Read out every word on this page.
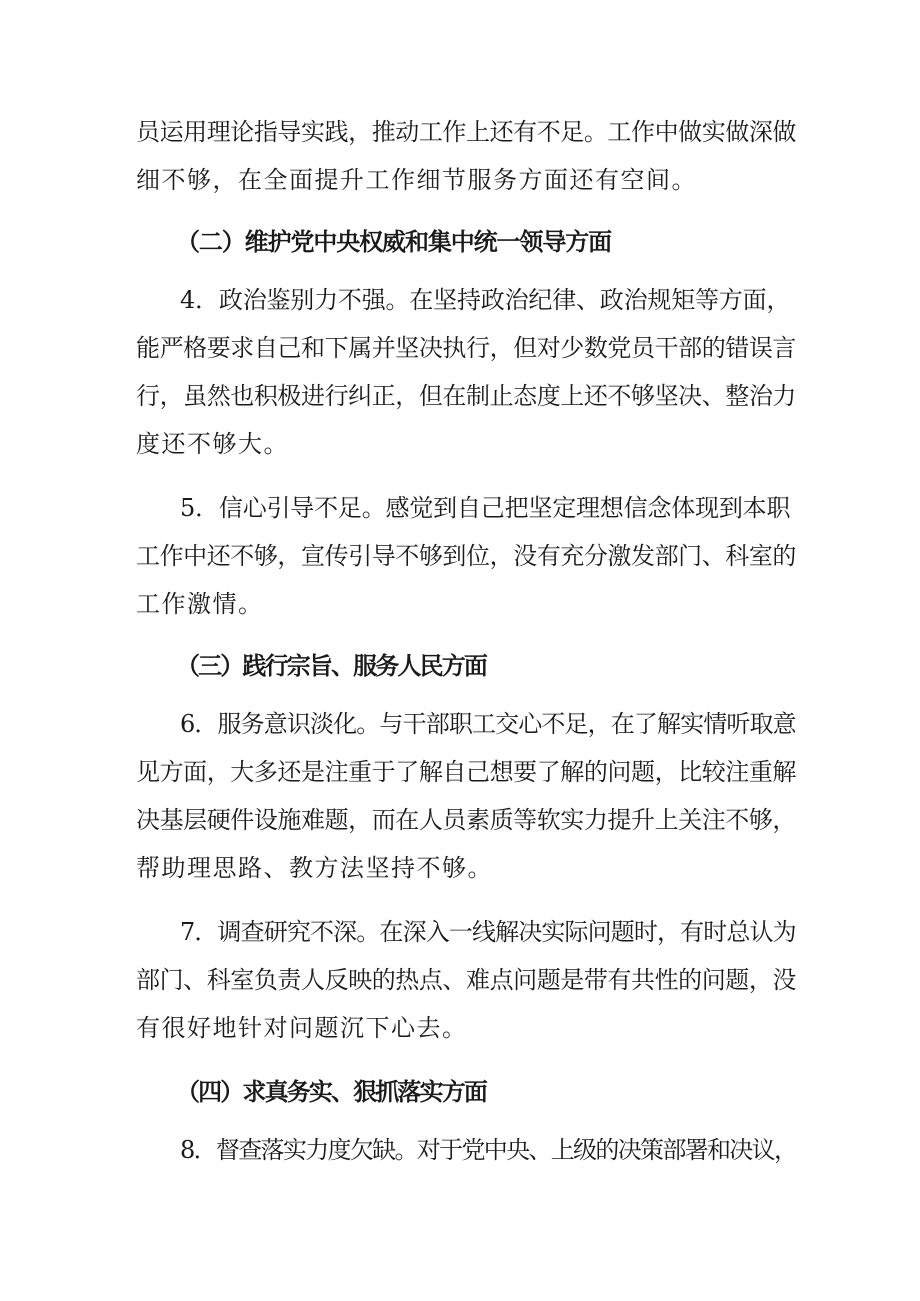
员运用理论指导实践，推动工作上还有不足。工作中做实做深做
细不够，在全面提升工作细节服务方面还有空间。
（二）维护党中央权威和集中统一领导方面
4．政治鉴别力不强。在坚持政治纪律、政治规矩等方面，
能严格要求自己和下属并坚决执行，但对少数党员干部的错误言
行，虽然也积极进行纠正，但在制止态度上还不够坚决、整治力
度还不够大。
5．信心引导不足。感觉到自己把坚定理想信念体现到本职
工作中还不够，宣传引导不够到位，没有充分激发部门、科室的
工作激情。
（三）践行宗旨、服务人民方面
6．服务意识淡化。与干部职工交心不足，在了解实情听取意
见方面，大多还是注重于了解自己想要了解的问题，比较注重解
决基层硬件设施难题，而在人员素质等软实力提升上关注不够，
帮助理思路、教方法坚持不够。
7．调查研究不深。在深入一线解决实际问题时，有时总认为
部门、科室负责人反映的热点、难点问题是带有共性的问题，没
有很好地针对问题沉下心去。
（四）求真务实、狠抓落实方面
8．督查落实力度欠缺。对于党中央、上级的决策部署和决议，
